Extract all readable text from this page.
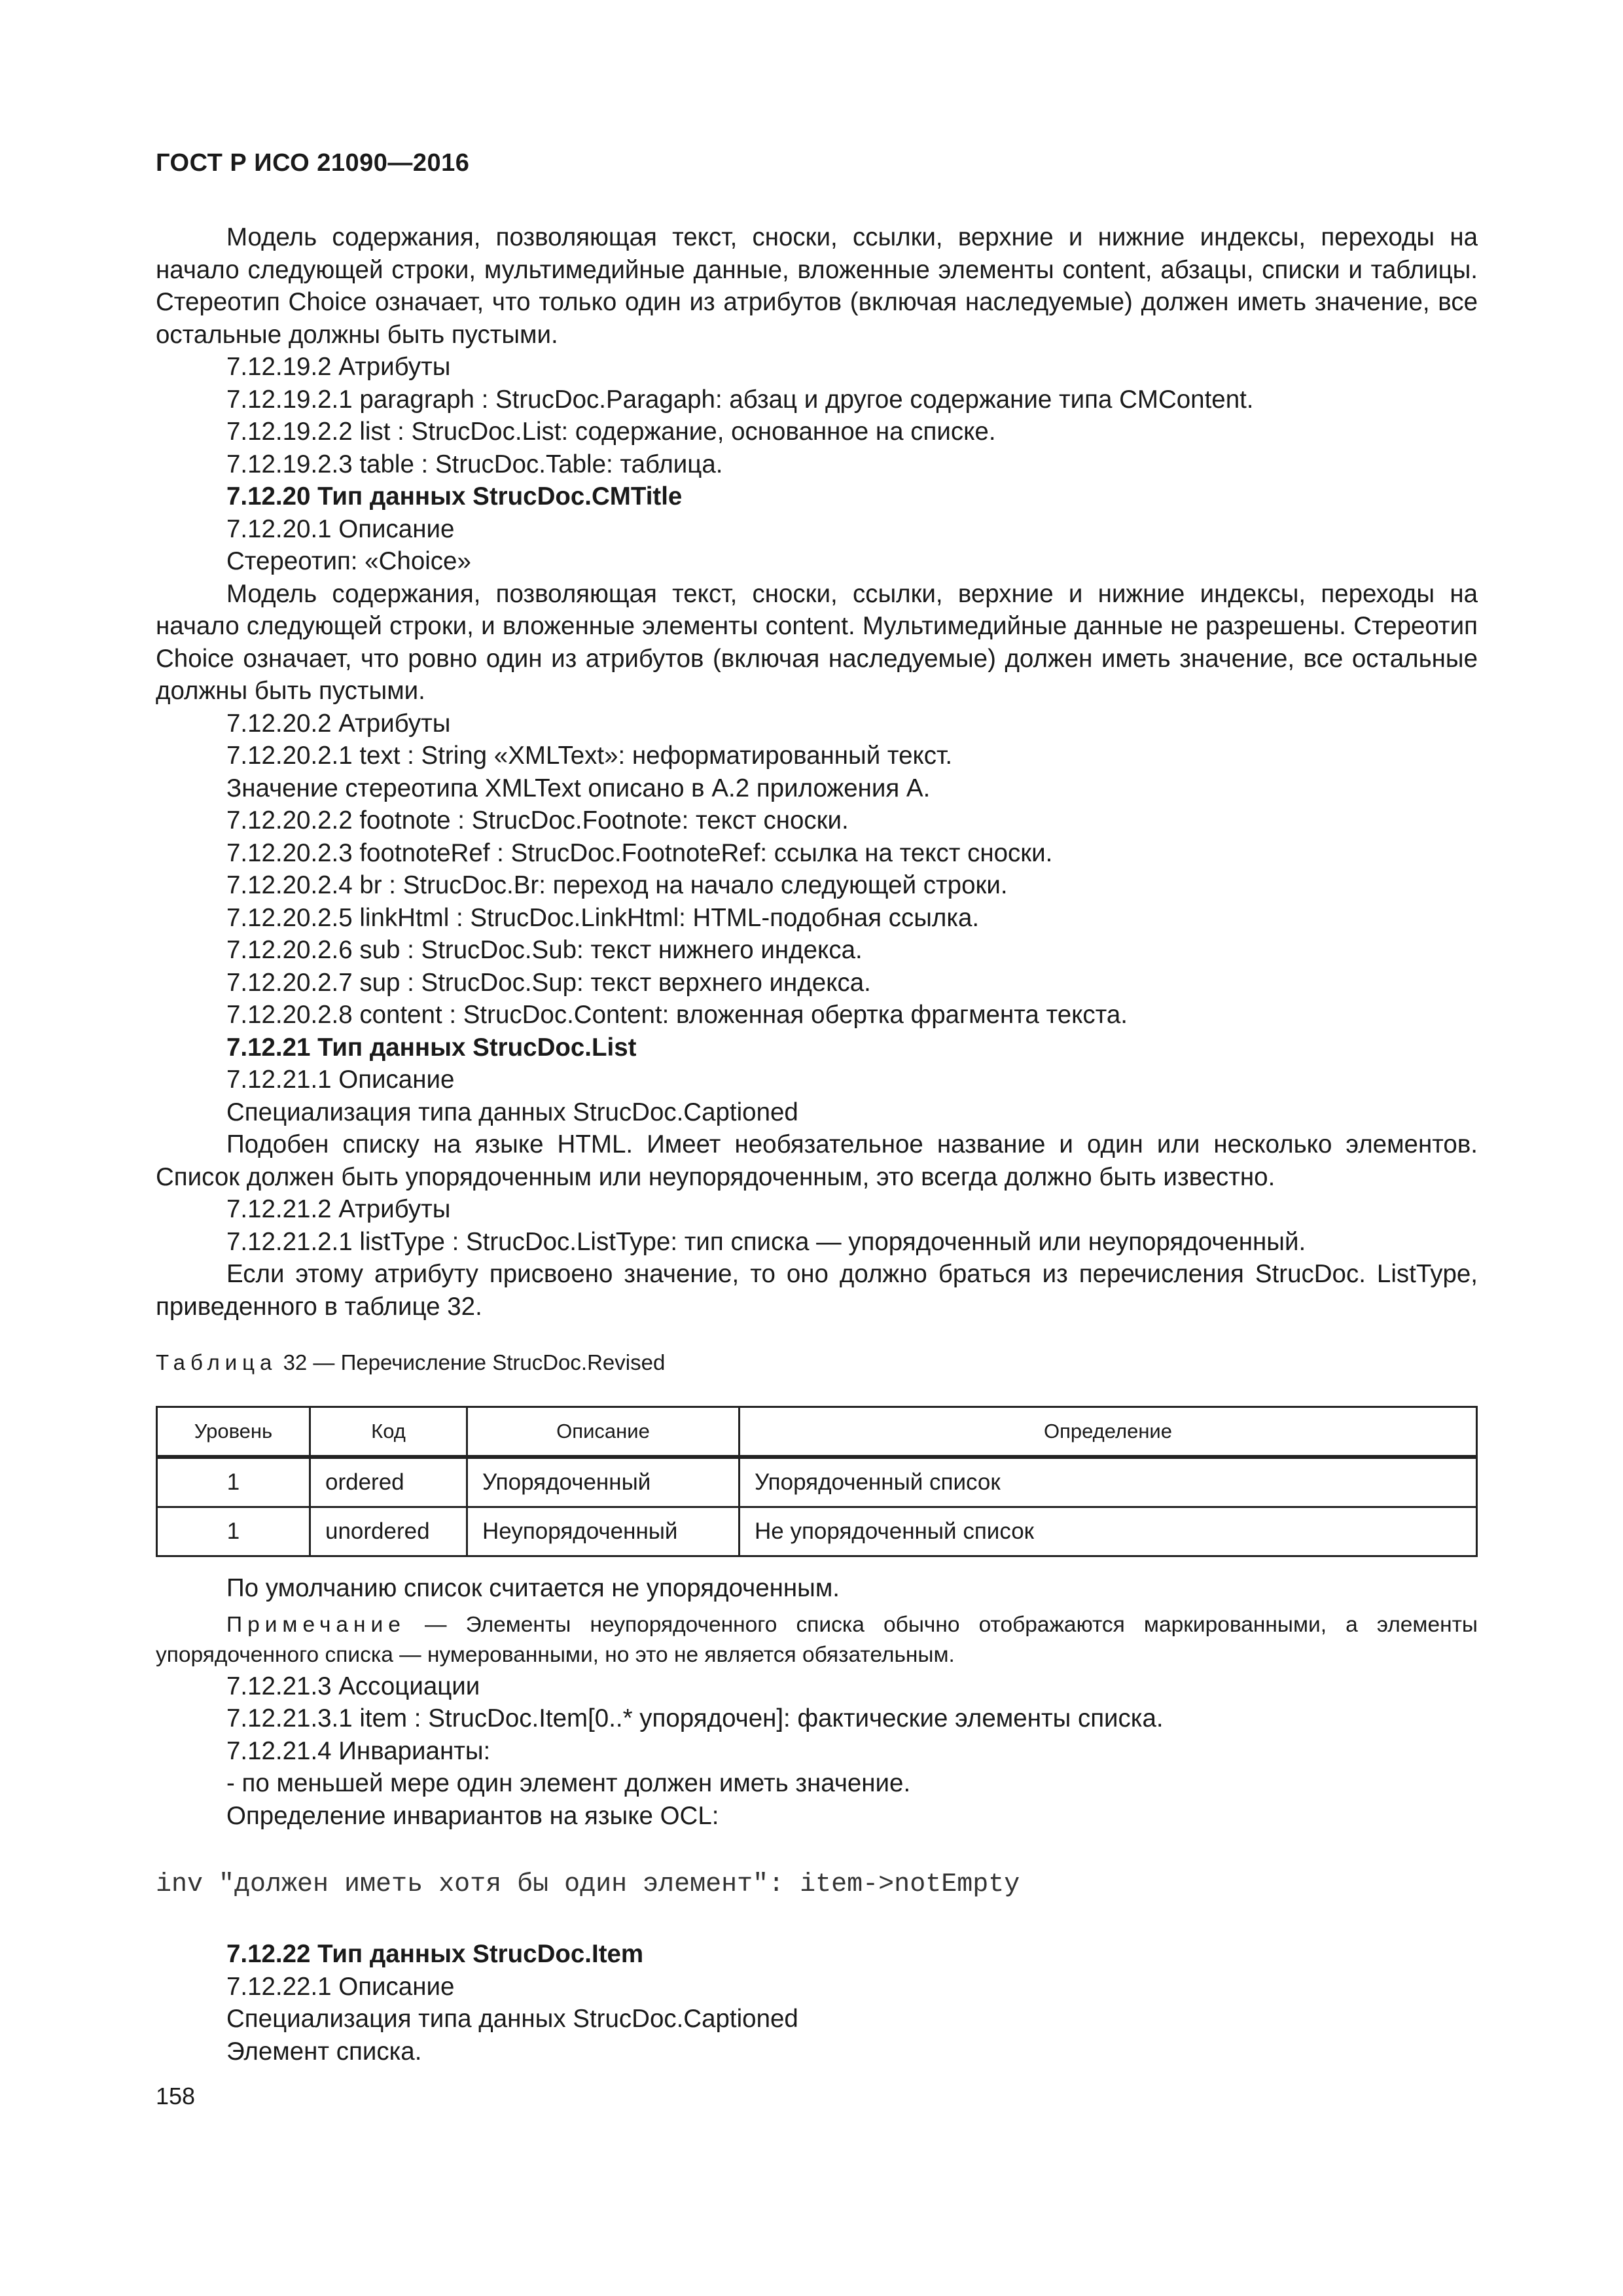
ГОСТ Р ИСО 21090—2016

Модель содержания, позволяющая текст, сноски, ссылки, верхние и нижние индексы, переходы на начало следующей строки, мультимедийные данные, вложенные элементы content, абзацы, списки и таблицы. Стереотип Choice означает, что только один из атрибутов (включая наследуемые) должен иметь значение, все остальные должны быть пустыми.

7.12.19.2 Атрибуты

7.12.19.2.1 paragraph : StrucDoc.Paragaph: абзац и другое содержание типа CMContent.

7.12.19.2.2 list : StrucDoc.List: содержание, основанное на списке.

7.12.19.2.3 table : StrucDoc.Table: таблица.

7.12.20 Тип данных StrucDoc.CMTitle

7.12.20.1 Описание

Стереотип: «Choice»

Модель содержания, позволяющая текст, сноски, ссылки, верхние и нижние индексы, переходы на начало следующей строки, и вложенные элементы content. Мультимедийные данные не разрешены. Стереотип Choice означает, что ровно один из атрибутов (включая наследуемые) должен иметь значение, все остальные должны быть пустыми.

7.12.20.2 Атрибуты

7.12.20.2.1 text : String «XMLText»: неформатированный текст.

Значение стереотипа XMLText описано в A.2 приложения A.

7.12.20.2.2 footnote : StrucDoc.Footnote: текст сноски.

7.12.20.2.3 footnoteRef : StrucDoc.FootnoteRef: ссылка на текст сноски.

7.12.20.2.4 br : StrucDoc.Br: переход на начало следующей строки.

7.12.20.2.5 linkHtml : StrucDoc.LinkHtml: HTML-подобная ссылка.

7.12.20.2.6 sub : StrucDoc.Sub: текст нижнего индекса.

7.12.20.2.7 sup : StrucDoc.Sup: текст верхнего индекса.

7.12.20.2.8 content : StrucDoc.Content: вложенная обертка фрагмента текста.

7.12.21 Тип данных StrucDoc.List

7.12.21.1 Описание

Специализация типа данных StrucDoc.Captioned

Подобен списку на языке HTML. Имеет необязательное название и один или несколько элементов. Список должен быть упорядоченным или неупорядоченным, это всегда должно быть известно.

7.12.21.2 Атрибуты

7.12.21.2.1 listType : StrucDoc.ListType: тип списка — упорядоченный или неупорядоченный.

Если этому атрибуту присвоено значение, то оно должно браться из перечисления StrucDoc. ListType, приведенного в таблице 32.

Таблица 32 — Перечисление StrucDoc.Revised
Уровень	Код	Описание	Определение
1	ordered	Упорядоченный	Упорядоченный список
1	unordered	Неупорядоченный	Не упорядоченный список

По умолчанию список считается не упорядоченным.

Примечание — Элементы неупорядоченного списка обычно отображаются маркированными, а элементы упорядоченного списка — нумерованными, но это не является обязательным.

7.12.21.3 Ассоциации

7.12.21.3.1 item : StrucDoc.Item[0..* упорядочен]: фактические элементы списка.

7.12.21.4 Инварианты:

- по меньшей мере один элемент должен иметь значение.

Определение инвариантов на языке OCL:

inv "должен иметь хотя бы один элемент": item->notEmpty

7.12.22 Тип данных StrucDoc.Item

7.12.22.1 Описание

Специализация типа данных StrucDoc.Captioned

Элемент списка.

158
